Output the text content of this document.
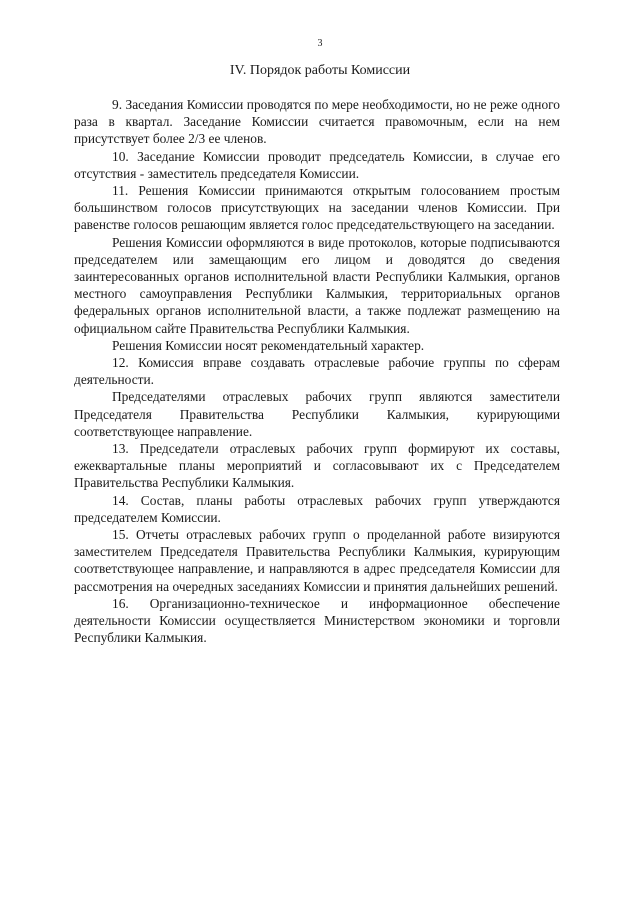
3
IV. Порядок работы Комиссии

9. Заседания Комиссии проводятся по мере необходимости, но не реже одного раза в квартал. Заседание Комиссии считается правомочным, если на нем присутствует более 2/3 ее членов.

10. Заседание Комиссии проводит председатель Комиссии, в случае его отсутствия - заместитель председателя Комиссии.

11. Решения Комиссии принимаются открытым голосованием простым большинством голосов присутствующих на заседании членов Комиссии. При равенстве голосов решающим является голос председательствующего на заседании.

Решения Комиссии оформляются в виде протоколов, которые подписываются председателем или замещающим его лицом и доводятся до сведения заинтересованных органов исполнительной власти Республики Калмыкия, органов местного самоуправления Республики Калмыкия, территориальных органов федеральных органов исполнительной власти, а также подлежат размещению на официальном сайте Правительства Республики Калмыкия.

Решения Комиссии носят рекомендательный характер.

12. Комиссия вправе создавать отраслевые рабочие группы по сферам деятельности.

Председателями отраслевых рабочих групп являются заместители Председателя Правительства Республики Калмыкия, курирующими соответствующее направление.

13. Председатели отраслевых рабочих групп формируют их составы, ежеквартальные планы мероприятий и согласовывают их с Председателем Правительства Республики Калмыкия.

14. Состав, планы работы отраслевых рабочих групп утверждаются председателем Комиссии.

15. Отчеты отраслевых рабочих групп о проделанной работе визируются заместителем Председателя Правительства Республики Калмыкия, курирующим соответствующее направление, и направляются в адрес председателя Комиссии для рассмотрения на очередных заседаниях Комиссии и принятия дальнейших решений.

16. Организационно-техническое и информационное обеспечение деятельности Комиссии осуществляется Министерством экономики и торговли Республики Калмыкия.
